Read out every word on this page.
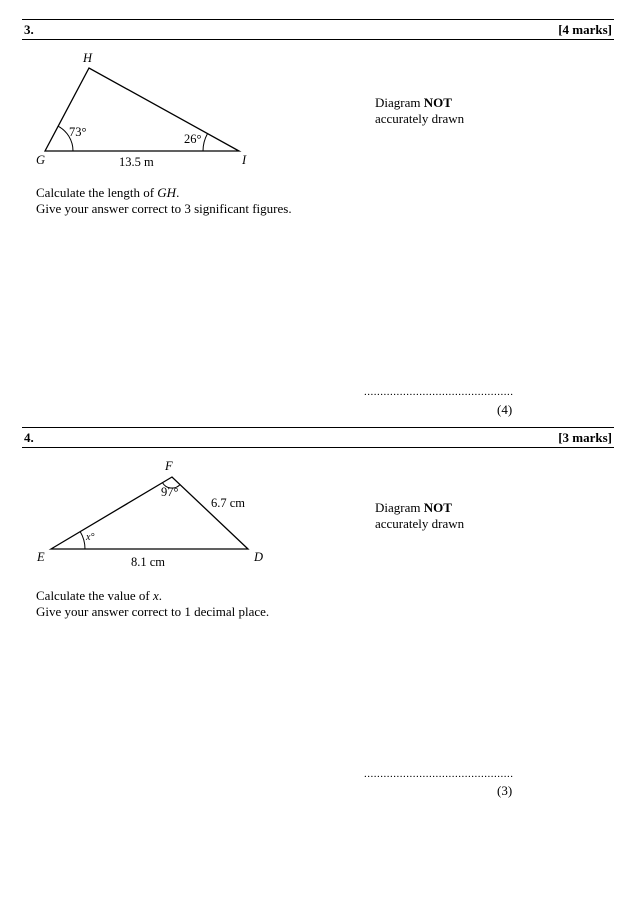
3.	[4 marks]
H
G	I
73°	26°
13.5 m
Diagram NOT
accurately drawn
Calculate the length of GH.
Give your answer correct to 3 significant figures.
..............................................
(4)
4.	[3 marks]
F
E	D
97°
x°
6.7 cm
8.1 cm
Diagram NOT
accurately drawn
Calculate the value of x.
Give your answer correct to 1 decimal place.
..............................................
(3)
